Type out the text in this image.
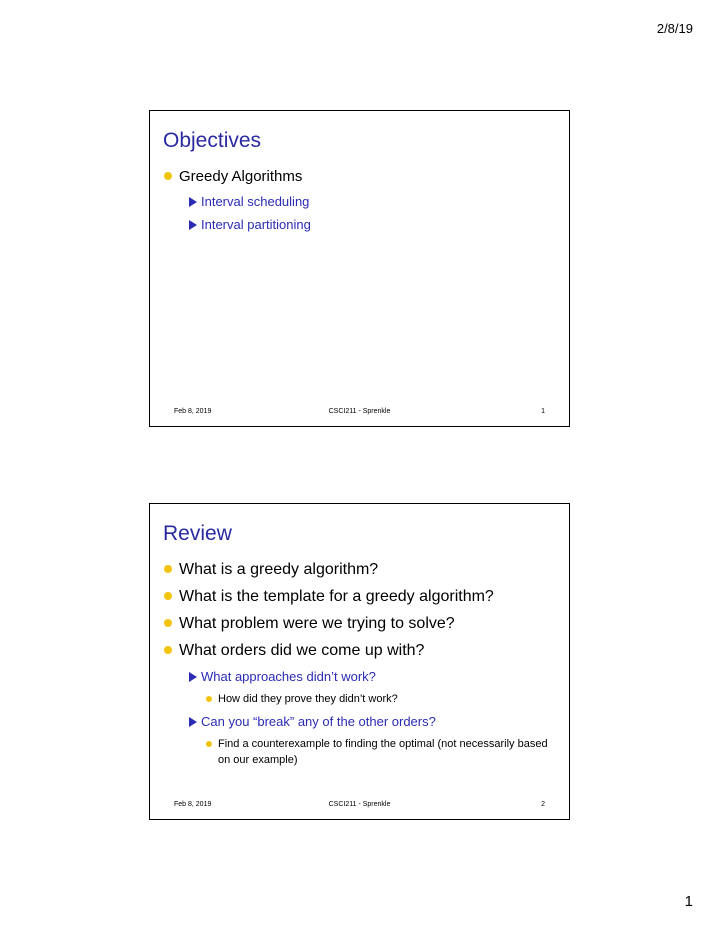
2/8/19
Objectives
Greedy Algorithms
Interval scheduling
Interval partitioning
Feb 8, 2019	CSCI211 - Sprenkle	1
Review
What is a greedy algorithm?
What is the template for a greedy algorithm?
What problem were we trying to solve?
What orders did we come up with?
What approaches didn’t work?
How did they prove they didn’t work?
Can you “break” any of the other orders?
Find a counterexample to finding the optimal (not necessarily based on our example)
Feb 8, 2019	CSCI211 - Sprenkle	2
1
